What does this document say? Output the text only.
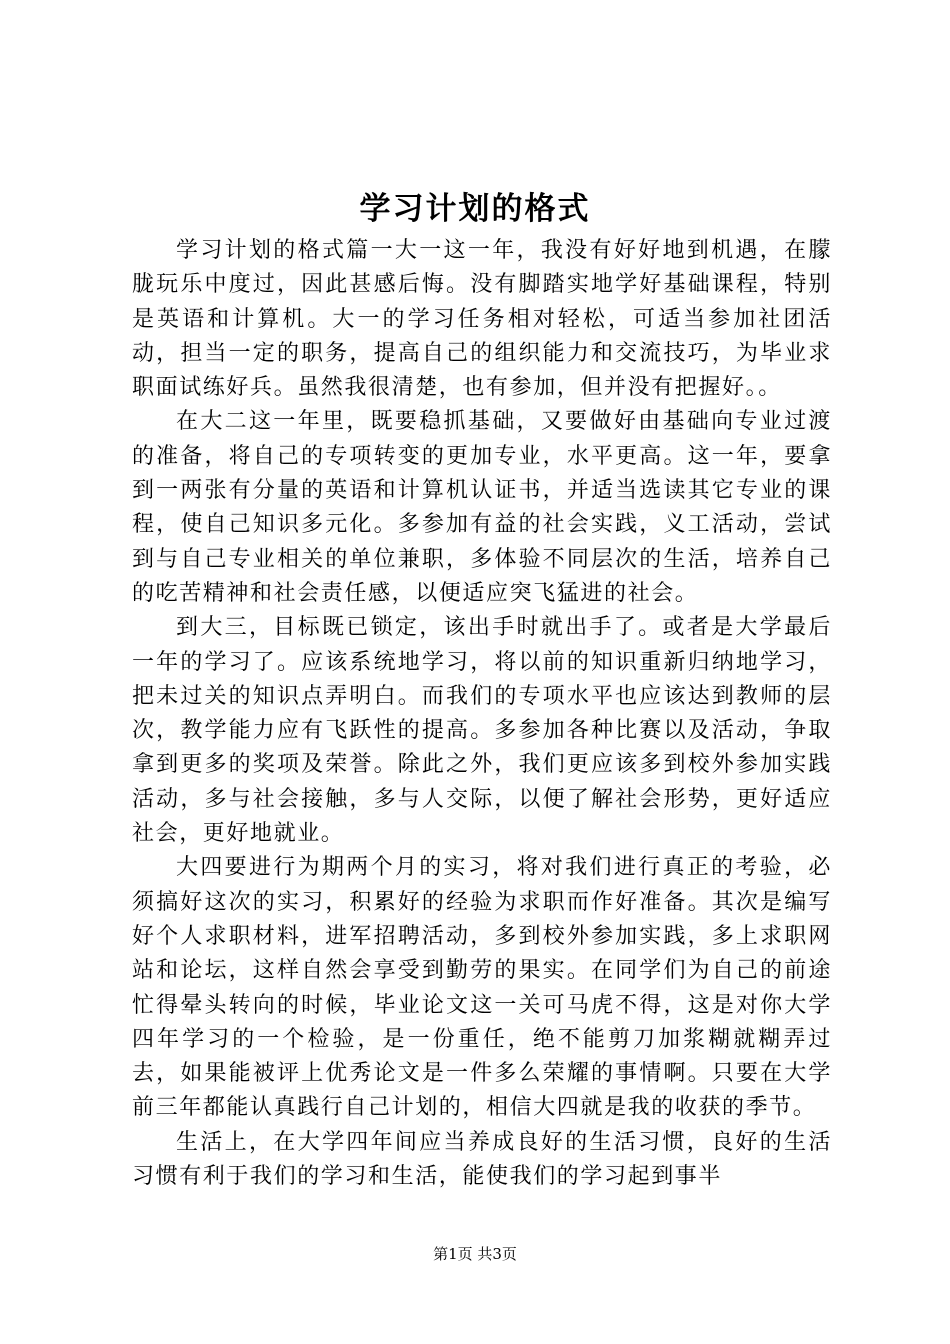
学习计划的格式

学习计划的格式篇一大一这一年，我没有好好地到机遇，在朦胧玩乐中度过，因此甚感后悔。没有脚踏实地学好基础课程，特别是英语和计算机。大一的学习任务相对轻松，可适当参加社团活动，担当一定的职务，提高自己的组织能力和交流技巧，为毕业求职面试练好兵。虽然我很清楚，也有参加，但并没有把握好。。

在大二这一年里，既要稳抓基础，又要做好由基础向专业过渡的准备，将自己的专项转变的更加专业，水平更高。这一年，要拿到一两张有分量的英语和计算机认证书，并适当选读其它专业的课程，使自己知识多元化。多参加有益的社会实践，义工活动，尝试到与自己专业相关的单位兼职，多体验不同层次的生活，培养自己的吃苦精神和社会责任感，以便适应突飞猛进的社会。

到大三，目标既已锁定，该出手时就出手了。或者是大学最后一年的学习了。应该系统地学习，将以前的知识重新归纳地学习，把未过关的知识点弄明白。而我们的专项水平也应该达到教师的层次，教学能力应有飞跃性的提高。多参加各种比赛以及活动，争取拿到更多的奖项及荣誉。除此之外，我们更应该多到校外参加实践活动，多与社会接触，多与人交际，以便了解社会形势，更好适应社会，更好地就业。

大四要进行为期两个月的实习，将对我们进行真正的考验，必须搞好这次的实习，积累好的经验为求职而作好准备。其次是编写好个人求职材料，进军招聘活动，多到校外参加实践，多上求职网站和论坛，这样自然会享受到勤劳的果实。在同学们为自己的前途忙得晕头转向的时候，毕业论文这一关可马虎不得，这是对你大学四年学习的一个检验，是一份重任，绝不能剪刀加浆糊就糊弄过去，如果能被评上优秀论文是一件多么荣耀的事情啊。只要在大学前三年都能认真践行自己计划的，相信大四就是我的收获的季节。

生活上，在大学四年间应当养成良好的生活习惯，良好的生活习惯有利于我们的学习和生活，能使我们的学习起到事半

第1页 共3页
